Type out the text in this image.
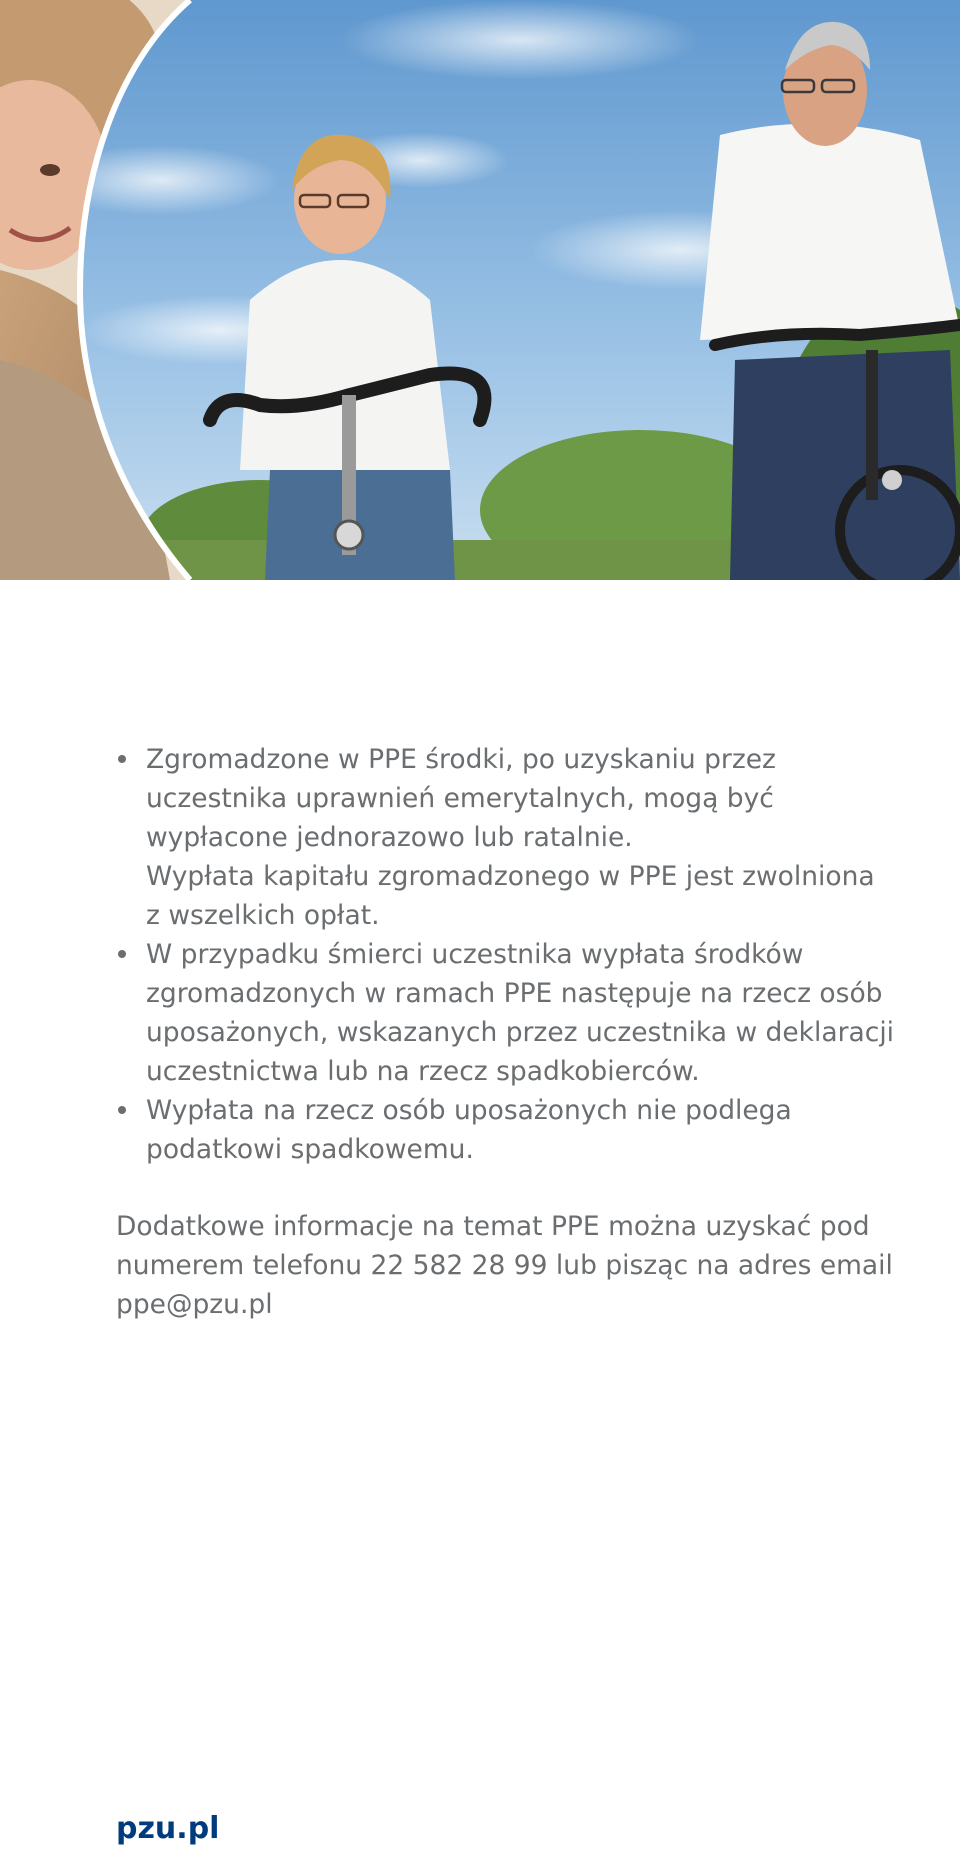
Zgromadzone w PPE środki, po uzyskaniu przez uczestnika uprawnień emerytalnych, mogą być wypłacone jednorazowo lub ratalnie.

Wypłata kapitału zgromadzonego w PPE jest zwolniona z wszelkich opłat.

W przypadku śmierci uczestnika wypłata środków zgromadzonych w ramach PPE następuje na rzecz osób uposażonych, wskazanych przez uczestnika w deklaracji uczestnictwa lub na rzecz spadkobierców.

Wypłata na rzecz osób uposażonych nie podlega podatkowi spadkowemu.

Dodatkowe informacje na temat PPE można uzyskać pod numerem telefonu 22 582 28 99 lub pisząc na adres email ppe@pzu.pl

pzu.pl
